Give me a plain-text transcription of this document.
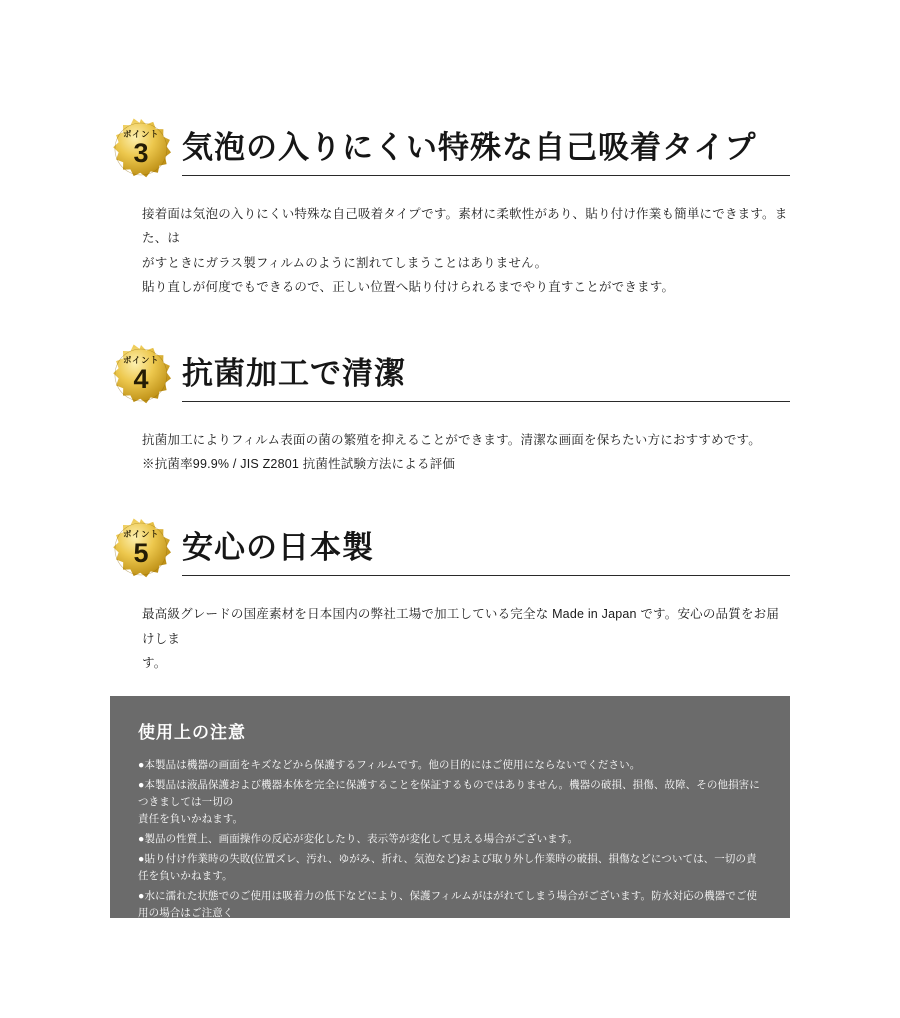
ポイント
3	気泡の入りにくい特殊な自己吸着タイプ
接着面は気泡の入りにくい特殊な自己吸着タイプです。素材に柔軟性があり、貼り付け作業も簡単にできます。また、は
がすときにガラス製フィルムのように割れてしまうことはありません。
貼り直しが何度でもできるので、正しい位置へ貼り付けられるまでやり直すことができます。
ポイント
4	抗菌加工で清潔
抗菌加工によりフィルム表面の菌の繁殖を抑えることができます。清潔な画面を保ちたい方におすすめです。
※抗菌率99.9% / JIS Z2801 抗菌性試験方法による評価
ポイント
5	安心の日本製
最高級グレードの国産素材を日本国内の弊社工場で加工している完全な Made in Japan です。安心の品質をお届けしま
す。
使用上の注意
●本製品は機器の画面をキズなどから保護するフィルムです。他の目的にはご使用にならないでください。
●本製品は液晶保護および機器本体を完全に保護することを保証するものではありません。機器の破損、損傷、故障、その他損害につきましては一切の
責任を負いかねます。
●製品の性質上、画面操作の反応が変化したり、表示等が変化して見える場合がございます。
●貼り付け作業時の失敗(位置ズレ、汚れ、ゆがみ、折れ、気泡など)および取り外し作業時の破損、損傷などについては、一切の責任を負いかねます。
●水に濡れた状態でのご使用は吸着力の低下などにより、保護フィルムがはがれてしまう場合がございます。防水対応の機器でご使用の場合はご注意く
ださい。
●アルコール類やその他薬剤を本製品に付着させないでください。表面のコーティングや吸着面が変質するおそれがあります。
●品質向上のため、仕様などを予告なく変更する場合がございますので、予めご了承ください。
